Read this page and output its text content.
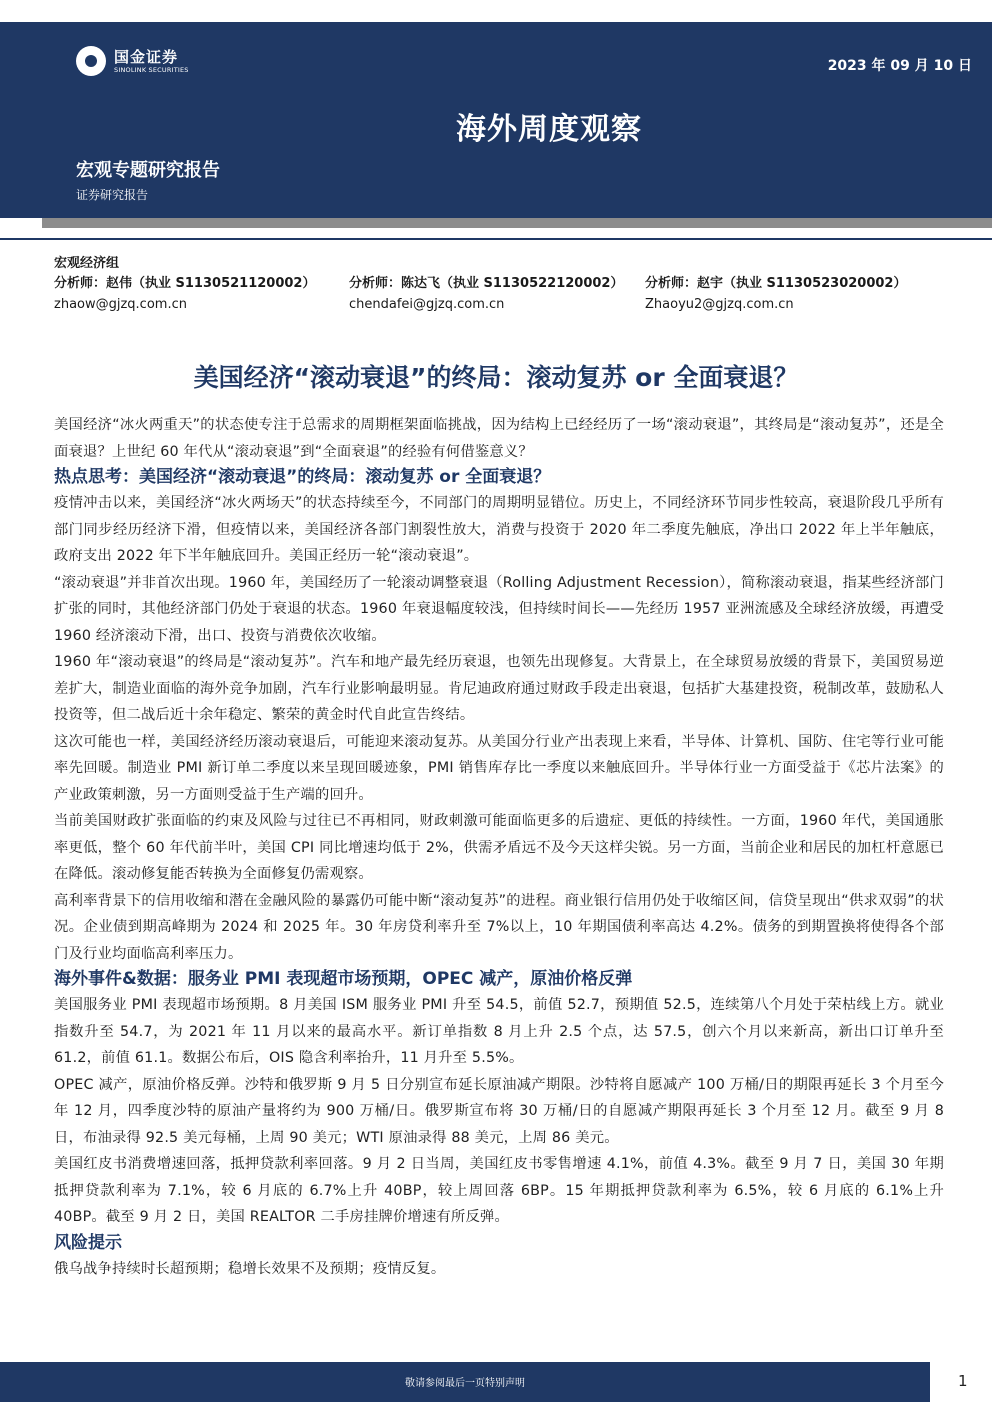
国金证券
SINOLINK SECURITIES	2023 年 09 月 10 日
海外周度观察
宏观专题研究报告
证券研究报告
宏观经济组
分析师：赵伟（执业 S1130521120002）
zhaow@gjzq.com.cn
分析师：陈达飞（执业 S1130522120002）
chendafei@gjzq.com.cn
分析师：赵宇（执业 S1130523020002）
Zhaoyu2@gjzq.com.cn
美国经济“滚动衰退”的终局：滚动复苏 or 全面衰退？

美国经济“冰火两重天”的状态使专注于总需求的周期框架面临挑战，因为结构上已经经历了一场“滚动衰退”，其终局是“滚动复苏”，还是全面衰退？上世纪 60 年代从“滚动衰退”到“全面衰退”的经验有何借鉴意义？

热点思考：美国经济“滚动衰退”的终局：滚动复苏 or 全面衰退？

疫情冲击以来，美国经济“冰火两场天”的状态持续至今，不同部门的周期明显错位。历史上，不同经济环节同步性较高，衰退阶段几乎所有部门同步经历经济下滑，但疫情以来，美国经济各部门割裂性放大，消费与投资于 2020 年二季度先触底，净出口 2022 年上半年触底，政府支出 2022 年下半年触底回升。美国正经历一轮“滚动衰退”。

“滚动衰退”并非首次出现。1960 年，美国经历了一轮滚动调整衰退（Rolling Adjustment Recession），简称滚动衰退，指某些经济部门扩张的同时，其他经济部门仍处于衰退的状态。1960 年衰退幅度较浅，但持续时间长——先经历 1957 亚洲流感及全球经济放缓，再遭受 1960 经济滚动下滑，出口、投资与消费依次收缩。

1960 年“滚动衰退”的终局是“滚动复苏”。汽车和地产最先经历衰退，也领先出现修复。大背景上，在全球贸易放缓的背景下，美国贸易逆差扩大，制造业面临的海外竞争加剧，汽车行业影响最明显。肯尼迪政府通过财政手段走出衰退，包括扩大基建投资，税制改革，鼓励私人投资等，但二战后近十余年稳定、繁荣的黄金时代自此宣告终结。

这次可能也一样，美国经济经历滚动衰退后，可能迎来滚动复苏。从美国分行业产出表现上来看，半导体、计算机、国防、住宅等行业可能率先回暖。制造业 PMI 新订单二季度以来呈现回暖迹象，PMI 销售库存比一季度以来触底回升。半导体行业一方面受益于《芯片法案》的产业政策刺激，另一方面则受益于生产端的回升。

当前美国财政扩张面临的约束及风险与过往已不再相同，财政刺激可能面临更多的后遗症、更低的持续性。一方面，1960 年代，美国通胀率更低，整个 60 年代前半叶，美国 CPI 同比增速均低于 2%，供需矛盾远不及今天这样尖锐。另一方面，当前企业和居民的加杠杆意愿已在降低。滚动修复能否转换为全面修复仍需观察。

高利率背景下的信用收缩和潜在金融风险的暴露仍可能中断“滚动复苏”的进程。商业银行信用仍处于收缩区间，信贷呈现出“供求双弱”的状况。企业债到期高峰期为 2024 和 2025 年。30 年房贷利率升至 7%以上，10 年期国债利率高达 4.2%。债务的到期置换将使得各个部门及行业均面临高利率压力。

海外事件&数据：服务业 PMI 表现超市场预期，OPEC 减产，原油价格反弹

美国服务业 PMI 表现超市场预期。8 月美国 ISM 服务业 PMI 升至 54.5，前值 52.7，预期值 52.5，连续第八个月处于荣枯线上方。就业指数升至 54.7，为 2021 年 11 月以来的最高水平。新订单指数 8 月上升 2.5 个点，达 57.5，创六个月以来新高，新出口订单升至 61.2，前值 61.1。数据公布后，OIS 隐含利率抬升，11 月升至 5.5%。

OPEC 减产，原油价格反弹。沙特和俄罗斯 9 月 5 日分别宣布延长原油减产期限。沙特将自愿减产 100 万桶/日的期限再延长 3 个月至今年 12 月，四季度沙特的原油产量将约为 900 万桶/日。俄罗斯宣布将 30 万桶/日的自愿减产期限再延长 3 个月至 12 月。截至 9 月 8 日，布油录得 92.5 美元每桶，上周 90 美元；WTI 原油录得 88 美元，上周 86 美元。

美国红皮书消费增速回落，抵押贷款利率回落。9 月 2 日当周，美国红皮书零售增速 4.1%，前值 4.3%。截至 9 月 7 日，美国 30 年期抵押贷款利率为 7.1%，较 6 月底的 6.7%上升 40BP，较上周回落 6BP。15 年期抵押贷款利率为 6.5%，较 6 月底的 6.1%上升 40BP。截至 9 月 2 日，美国 REALTOR 二手房挂牌价增速有所反弹。

风险提示

俄乌战争持续时长超预期；稳增长效果不及预期；疫情反复。

敬请参阅最后一页特别声明	1
